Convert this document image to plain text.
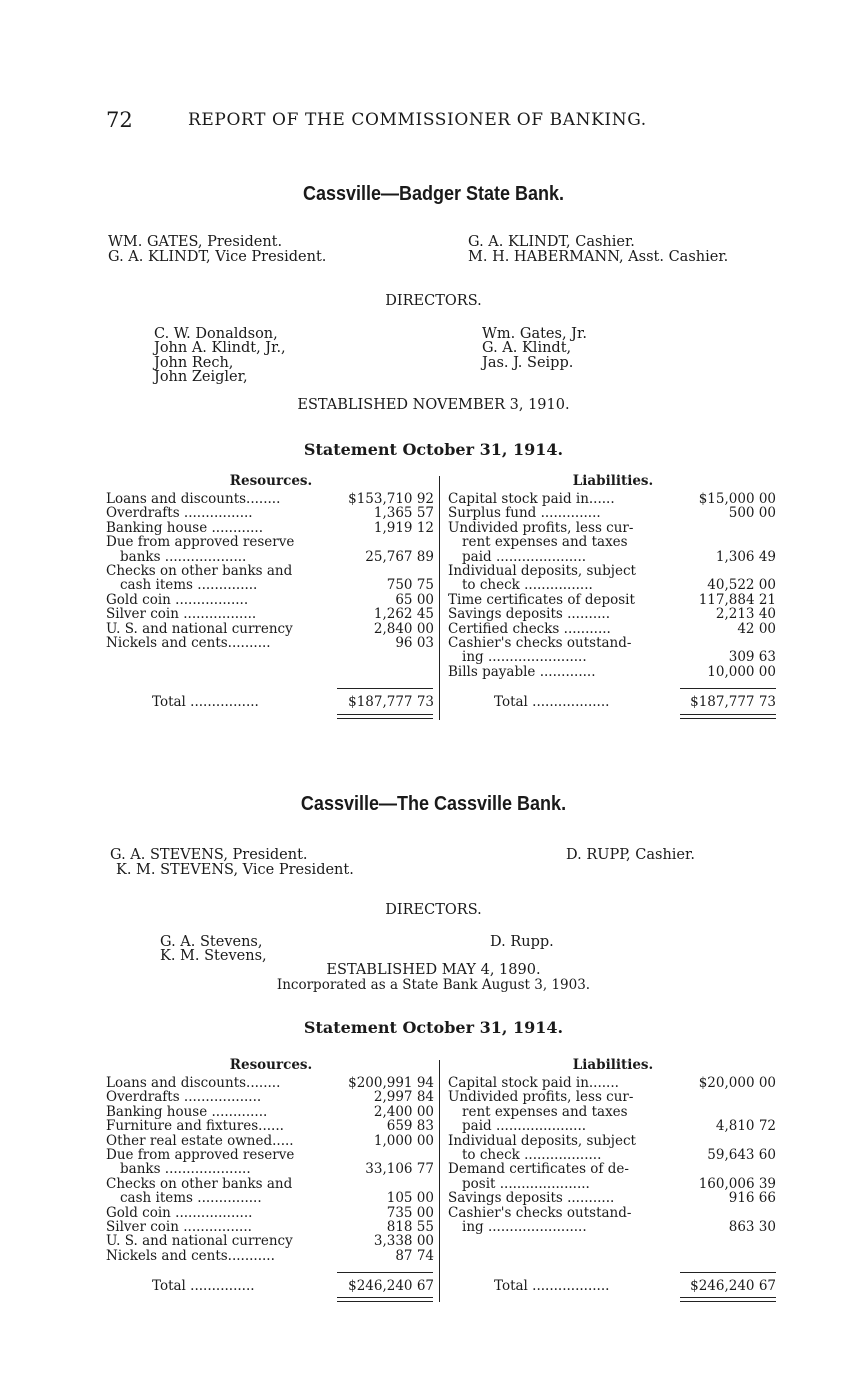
72	REPORT OF THE COMMISSIONER OF BANKING.
Cassville—Badger State Bank.
WM. GATES, President.
G. A. KLINDT, Vice President.
G. A. KLINDT, Cashier.
M. H. HABERMANN, Asst. Cashier.
DIRECTORS.
C. W. Donaldson,
John A. Klindt, Jr.,
John Rech,
John Zeigler,
Wm. Gates, Jr.
G. A. Klindt,
Jas. J. Seipp.
ESTABLISHED NOVEMBER 3, 1910.
Statement October 31, 1914.
Resources.	Liabilities.
Loans and discounts........	$153,710 92
Overdrafts ................	1,365 57
Banking house ............	1,919 12
Due from approved reserve
banks ...................	25,767 89
Checks on other banks and
cash items ..............	750 75
Gold coin .................	65 00
Silver coin .................	1,262 45
U. S. and national currency	2,840 00
Nickels and cents..........	96 03
Capital stock paid in......	$15,000 00
Surplus fund ..............	500 00
Undivided profits, less cur-
rent expenses and taxes
paid .....................	1,306 49
Individual deposits, subject
to check ................	40,522 00
Time certificates of deposit	117,884 21
Savings deposits ..........	2,213 40
Certified checks ...........	42 00
Cashier's checks outstand-
ing .......................	309 63
Bills payable .............	10,000 00
Total ................	$187,777 73	Total ..................	$187,777 73
Cassville—The Cassville Bank.
G. A. STEVENS, President.
K. M. STEVENS, Vice President.
D. RUPP, Cashier.
DIRECTORS.
G. A. Stevens,
K. M. Stevens,
D. Rupp.
ESTABLISHED MAY 4, 1890.
Incorporated as a State Bank August 3, 1903.
Statement October 31, 1914.
Resources.	Liabilities.
Loans and discounts........	$200,991 94
Overdrafts ..................	2,997 84
Banking house .............	2,400 00
Furniture and fixtures......	659 83
Other real estate owned.....	1,000 00
Due from approved reserve
banks ....................	33,106 77
Checks on other banks and
cash items ...............	105 00
Gold coin ..................	735 00
Silver coin ................	818 55
U. S. and national currency	3,338 00
Nickels and cents...........	87 74
Capital stock paid in.......	$20,000 00
Undivided profits, less cur-
rent expenses and taxes
paid .....................	4,810 72
Individual deposits, subject
to check ..................	59,643 60
Demand certificates of de-
posit .....................	160,006 39
Savings deposits ...........	916 66
Cashier's checks outstand-
ing .......................	863 30
Total ...............	$246,240 67	Total ..................	$246,240 67
